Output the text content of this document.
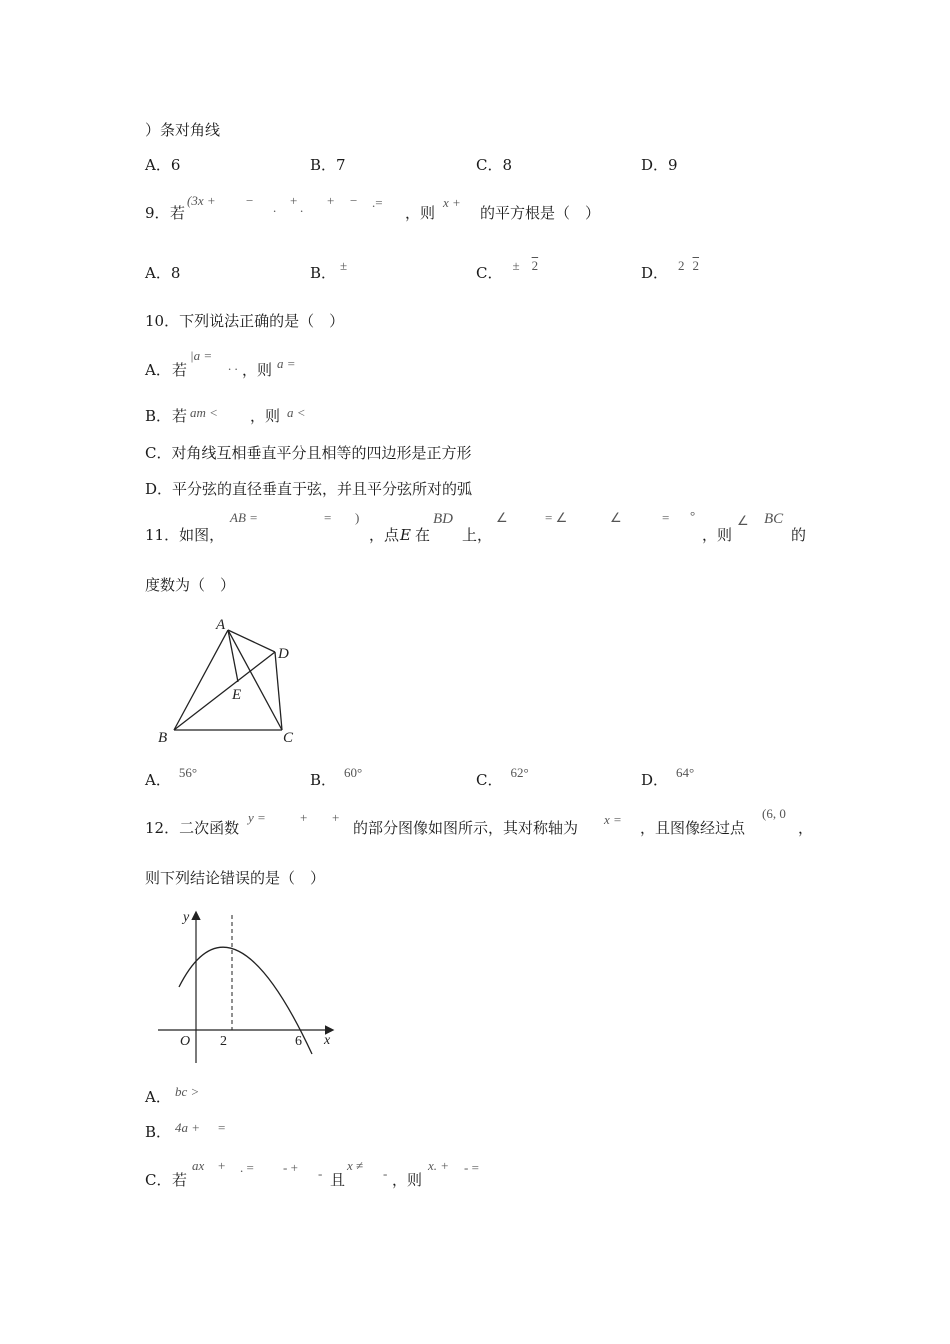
）条对角线
A．6	B．7	C．8	D．9
9． 若
(3x + − . + . + − .=
，则
x +
的平方根是（　）
A．8	B． ±	C． ± 2	D． 2 2
10．下列说法正确的是（　）
A． 若
|a =
. . ，则 a =
B． 若 am < ，则 a <
C．对角线互相垂直平分且相等的四边形是正方形
D．平分弦的直径垂直于弦，并且平分弦所对的弧
11．如图，
AB =	= )
，点 E 在
BD
上，
∠	= ∠	∠	= °
，则
∠ BC
的
度数为（　）
A
D
E
B	C
A． 56°	B． 60°	C． 62°	D． 64°
12．二次函数
y =	+ +
的部分图像如图所示，其对称轴为 x = ，且图像经过点
(6, 0
，
则下列结论错误的是（　）
y
x
O 2	6
A． bc >
B． 4a + =
C． 若
ax + . = - + - 且
x ≠
- ，则
x. + - =
